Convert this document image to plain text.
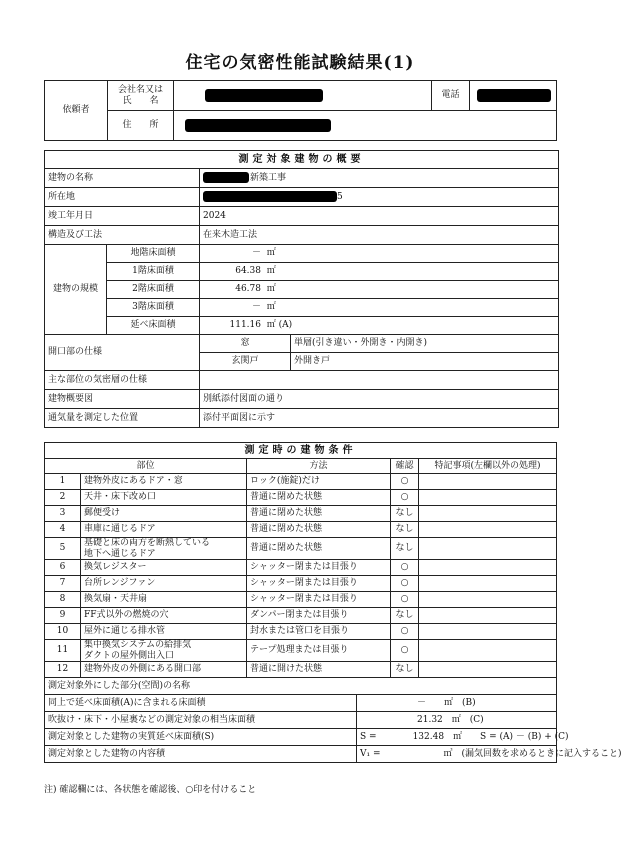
住宅の気密性能試験結果(1)
依頼者	会社名又は
氏　　名		電話	
	住　　所			
測定対象建物の概要			
建物の名称		新築工事	
所在地		5	
竣工年月日		2024	
構造及び工法		在来木造工法	
建物の規模	地階床面積	－ ㎡	
	1階床面積	64.38 ㎡	
	2階床面積	46.78 ㎡	
	3階床面積	－ ㎡	
	延べ床面積	111.16 ㎡ (A)	
開口部の仕様		窓	単層(引き違い・外開き・内開き)
		玄関戸	外開き戸
主な部位の気密層の仕様			
建物概要図		別紙添付図面の通り	
通気量を測定した位置		添付平面図に示す	
測定時の建物条件					
部位		方法		確認	特記事項(左欄以外の処理)
1	建物外皮にあるドア・窓	ロック(施錠)だけ		○	
2	天井・床下改め口	普通に閉めた状態		○	
3	郵便受け	普通に閉めた状態		なし	
4	車庫に通じるドア	普通に閉めた状態		なし	
5	基礎と床の両方を断熱している
地下へ通じるドア	普通に閉めた状態		なし	
6	換気レジスター	シャッター閉または目張り		○	
7	台所レンジファン	シャッター閉または目張り		○	
8	換気扇・天井扇	シャッター閉または目張り		○	
9	FF式以外の燃焼の穴	ダンパー閉または目張り		なし	
10	屋外に通じる排水管	封水または管口を目張り		○	
11	集中換気システムの給排気
ダクトの屋外側出入口	テープ処理または目張り		○	
12	建物外皮の外側にある開口部	普通に開けた状態		なし	
測定対象外にした部分(空間)の名称					
同上で延べ床面積(A)に含まれる床面積			－　　㎡　(B)		
吹抜け・床下・小屋裏などの測定対象の相当床面積			21.32　㎡　(C)		
測定対象とした建物の実質延べ床面積(S)			S =　　　　132.48　㎡　　S = (A) － (B) + (C)		
測定対象とした建物の内容積			V₁ =　　　　　　　㎥　(漏気回数を求めるときに記入すること)		
注) 確認欄には、各状態を確認後、○印を付けること
